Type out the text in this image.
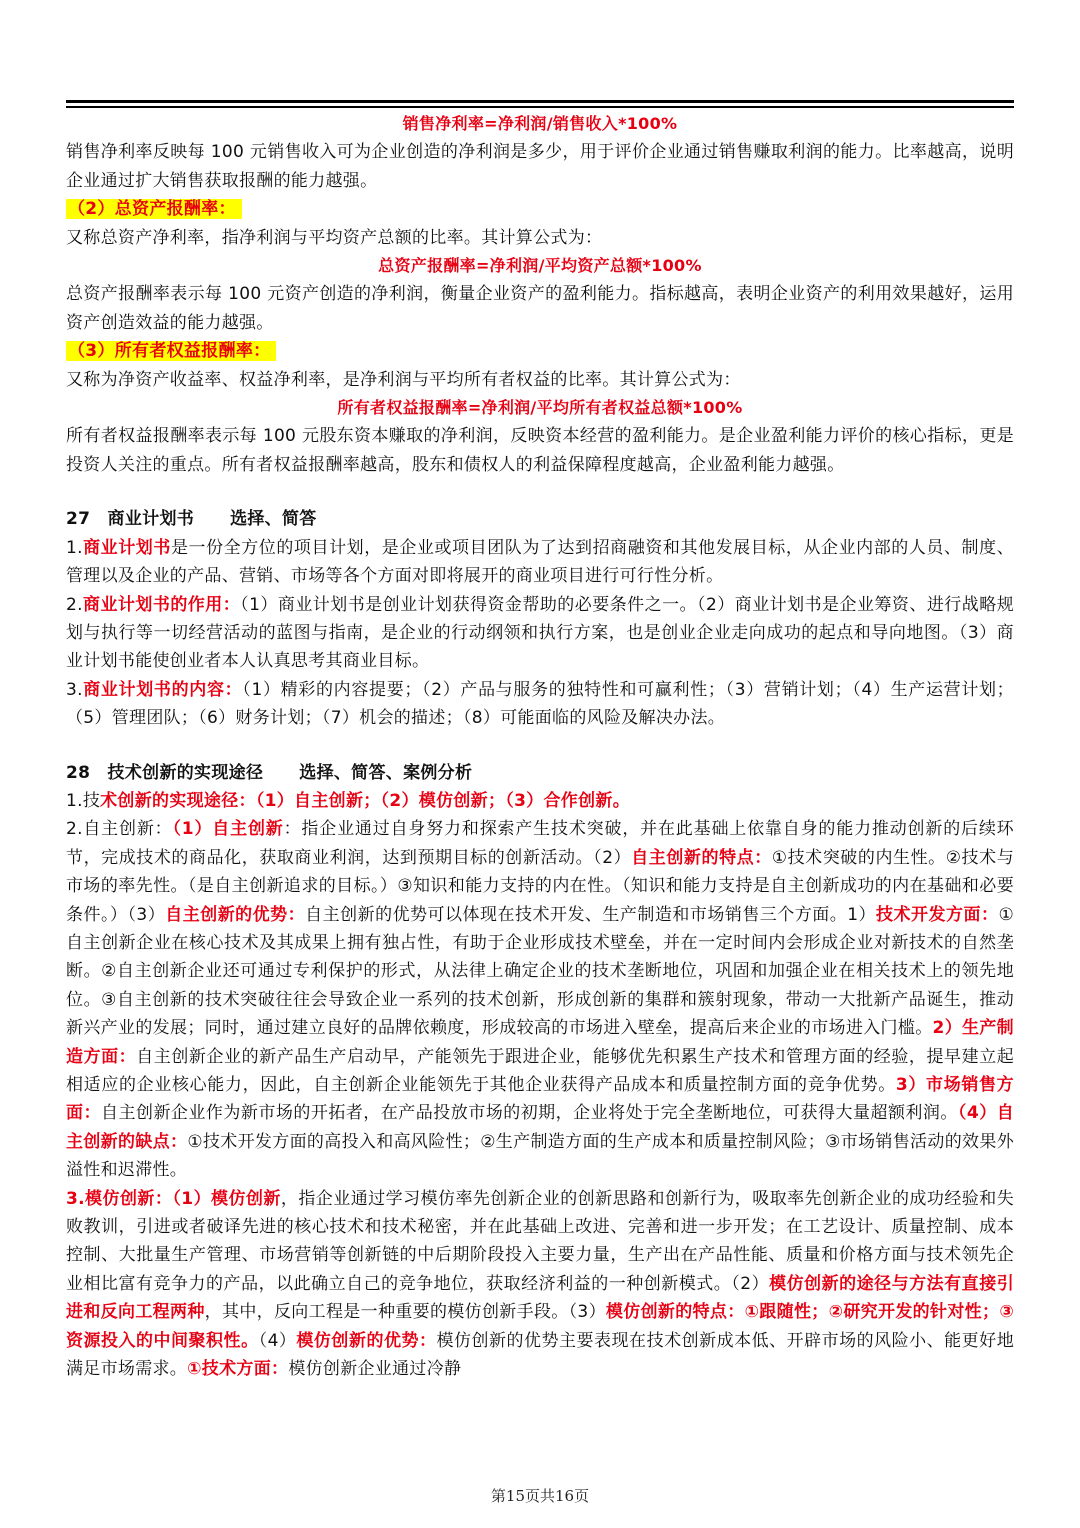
销售净利率=净利润/销售收入*100%

销售净利率反映每 100 元销售收入可为企业创造的净利润是多少，用于评价企业通过销售赚取利润的能力。比率越高，说明企业通过扩大销售获取报酬的能力越强。

（2）总资产报酬率：

又称总资产净利率，指净利润与平均资产总额的比率。其计算公式为：

总资产报酬率=净利润/平均资产总额*100%

总资产报酬率表示每 100 元资产创造的净利润，衡量企业资产的盈利能力。指标越高，表明企业资产的利用效果越好，运用资产创造效益的能力越强。

（3）所有者权益报酬率：

又称为净资产收益率、权益净利率，是净利润与平均所有者权益的比率。其计算公式为：

所有者权益报酬率=净利润/平均所有者权益总额*100%

所有者权益报酬率表示每 100 元股东资本赚取的净利润，反映资本经营的盈利能力。是企业盈利能力评价的核心指标，更是投资人关注的重点。所有者权益报酬率越高，股东和债权人的利益保障程度越高，企业盈利能力越强。

27　商业计划书 选择、简答

1.商业计划书是一份全方位的项目计划，是企业或项目团队为了达到招商融资和其他发展目标，从企业内部的人员、制度、管理以及企业的产品、营销、市场等各个方面对即将展开的商业项目进行可行性分析。

2.商业计划书的作用：（1）商业计划书是创业计划获得资金帮助的必要条件之一。（2）商业计划书是企业筹资、进行战略规划与执行等一切经营活动的蓝图与指南，是企业的行动纲领和执行方案，也是创业企业走向成功的起点和导向地图。（3）商业计划书能使创业者本人认真思考其商业目标。

3.商业计划书的内容：（1）精彩的内容提要；（2）产品与服务的独特性和可赢利性；（3）营销计划；（4）生产运营计划；（5）管理团队；（6）财务计划；（7）机会的描述；（8）可能面临的风险及解决办法。

28　技术创新的实现途径 选择、简答、案例分析

1.技术创新的实现途径：（1）自主创新；（2）模仿创新；（3）合作创新。

2.自主创新：（1）自主创新：指企业通过自身努力和探索产生技术突破，并在此基础上依靠自身的能力推动创新的后续环节，完成技术的商品化，获取商业利润，达到预期目标的创新活动。（2）自主创新的特点：①技术突破的内生性。②技术与市场的率先性。（是自主创新追求的目标。）③知识和能力支持的内在性。（知识和能力支持是自主创新成功的内在基础和必要条件。）（3）自主创新的优势：自主创新的优势可以体现在技术开发、生产制造和市场销售三个方面。1）技术开发方面：①自主创新企业在核心技术及其成果上拥有独占性，有助于企业形成技术壁垒，并在一定时间内会形成企业对新技术的自然垄断。②自主创新企业还可通过专利保护的形式，从法律上确定企业的技术垄断地位，巩固和加强企业在相关技术上的领先地位。③自主创新的技术突破往往会导致企业一系列的技术创新，形成创新的集群和簇射现象，带动一大批新产品诞生，推动新兴产业的发展；同时，通过建立良好的品牌依赖度，形成较高的市场进入壁垒，提高后来企业的市场进入门槛。2）生产制造方面：自主创新企业的新产品生产启动早，产能领先于跟进企业，能够优先积累生产技术和管理方面的经验，提早建立起相适应的企业核心能力，因此，自主创新企业能领先于其他企业获得产品成本和质量控制方面的竞争优势。3）市场销售方面：自主创新企业作为新市场的开拓者，在产品投放市场的初期，企业将处于完全垄断地位，可获得大量超额利润。（4）自主创新的缺点：①技术开发方面的高投入和高风险性；②生产制造方面的生产成本和质量控制风险；③市场销售活动的效果外溢性和迟滞性。

3.模仿创新：（1）模仿创新，指企业通过学习模仿率先创新企业的创新思路和创新行为，吸取率先创新企业的成功经验和失败教训，引进或者破译先进的核心技术和技术秘密，并在此基础上改进、完善和进一步开发；在工艺设计、质量控制、成本控制、大批量生产管理、市场营销等创新链的中后期阶段投入主要力量，生产出在产品性能、质量和价格方面与技术领先企业相比富有竞争力的产品，以此确立自己的竞争地位，获取经济利益的一种创新模式。（2）模仿创新的途径与方法有直接引进和反向工程两种，其中，反向工程是一种重要的模仿创新手段。（3）模仿创新的特点：①跟随性；②研究开发的针对性；③资源投入的中间聚积性。（4）模仿创新的优势：模仿创新的优势主要表现在技术创新成本低、开辟市场的风险小、能更好地满足市场需求。①技术方面：模仿创新企业通过冷静

第15页共16页
